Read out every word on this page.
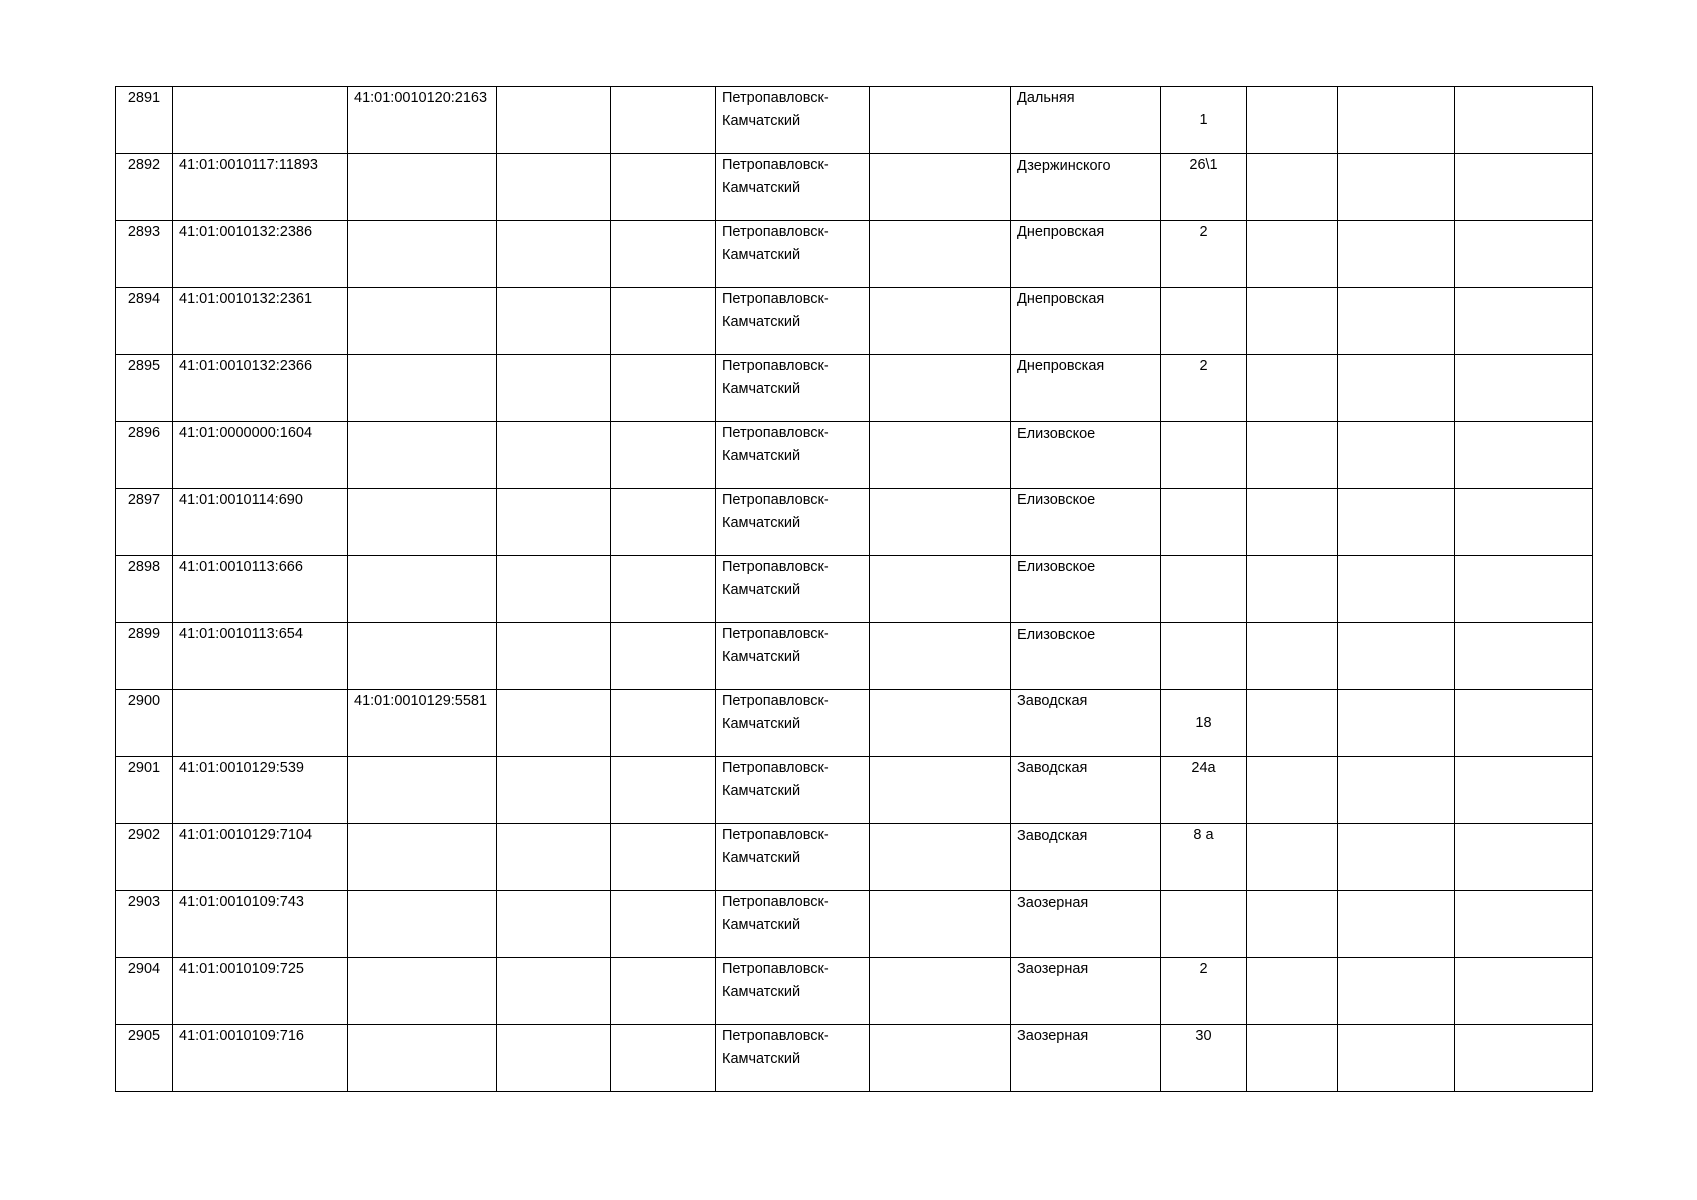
2891		41:01:0010120:2163			Петропавловск-Камчатский		Дальняя	1			
2892	41:01:0010117:11893				Петропавловск-Камчатский		Дзержинского	26\1			
2893	41:01:0010132:2386				Петропавловск-Камчатский		Днепровская	2			
2894	41:01:0010132:2361				Петропавловск-Камчатский		Днепровская				
2895	41:01:0010132:2366				Петропавловск-Камчатский		Днепровская	2			
2896	41:01:0000000:1604				Петропавловск-Камчатский		Елизовское				
2897	41:01:0010114:690				Петропавловск-Камчатский		Елизовское				
2898	41:01:0010113:666				Петропавловск-Камчатский		Елизовское				
2899	41:01:0010113:654				Петропавловск-Камчатский		Елизовское				
2900		41:01:0010129:5581			Петропавловск-Камчатский		Заводская	18			
2901	41:01:0010129:539				Петропавловск-Камчатский		Заводская	24а			
2902	41:01:0010129:7104				Петропавловск-Камчатский		Заводская	8 а			
2903	41:01:0010109:743				Петропавловск-Камчатский		Заозерная				
2904	41:01:0010109:725				Петропавловск-Камчатский		Заозерная	2			
2905	41:01:0010109:716				Петропавловск-Камчатский		Заозерная	30			
